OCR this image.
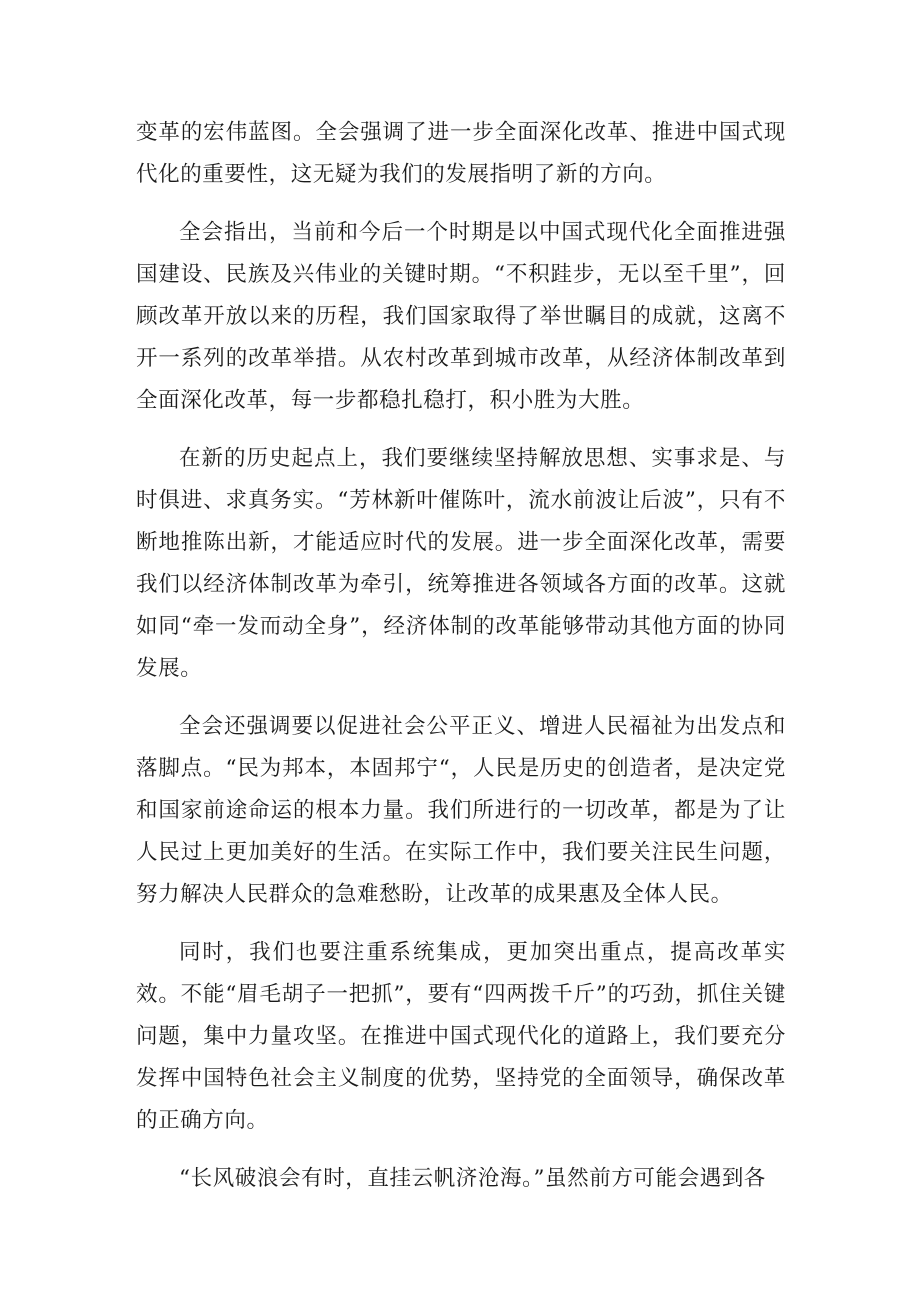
变革的宏伟蓝图。全会强调了进一步全面深化改革、推进中国式现代化的重要性，这无疑为我们的发展指明了新的方向。

全会指出，当前和今后一个时期是以中国式现代化全面推进强国建设、民族及兴伟业的关键时期。“不积跬步，无以至千里”，回顾改革开放以来的历程，我们国家取得了举世瞩目的成就，这离不开一系列的改革举措。从农村改革到城市改革，从经济体制改革到全面深化改革，每一步都稳扎稳打，积小胜为大胜。

在新的历史起点上，我们要继续坚持解放思想、实事求是、与时俱进、求真务实。“芳林新叶催陈叶，流水前波让后波”，只有不断地推陈出新，才能适应时代的发展。进一步全面深化改革，需要我们以经济体制改革为牵引，统筹推进各领域各方面的改革。这就如同“牵一发而动全身”，经济体制的改革能够带动其他方面的协同发展。

全会还强调要以促进社会公平正义、增进人民福祉为出发点和落脚点。“民为邦本，本固邦宁“，人民是历史的创造者，是决定党和国家前途命运的根本力量。我们所进行的一切改革，都是为了让人民过上更加美好的生活。在实际工作中，我们要关注民生问题，努力解决人民群众的急难愁盼，让改革的成果惠及全体人民。

同时，我们也要注重系统集成，更加突出重点，提高改革实效。不能“眉毛胡子一把抓”，要有“四两拨千斤”的巧劲，抓住关键问题，集中力量攻坚。在推进中国式现代化的道路上，我们要充分发挥中国特色社会主义制度的优势，坚持党的全面领导，确保改革的正确方向。

“长风破浪会有时，直挂云帆济沧海。”虽然前方可能会遇到各
